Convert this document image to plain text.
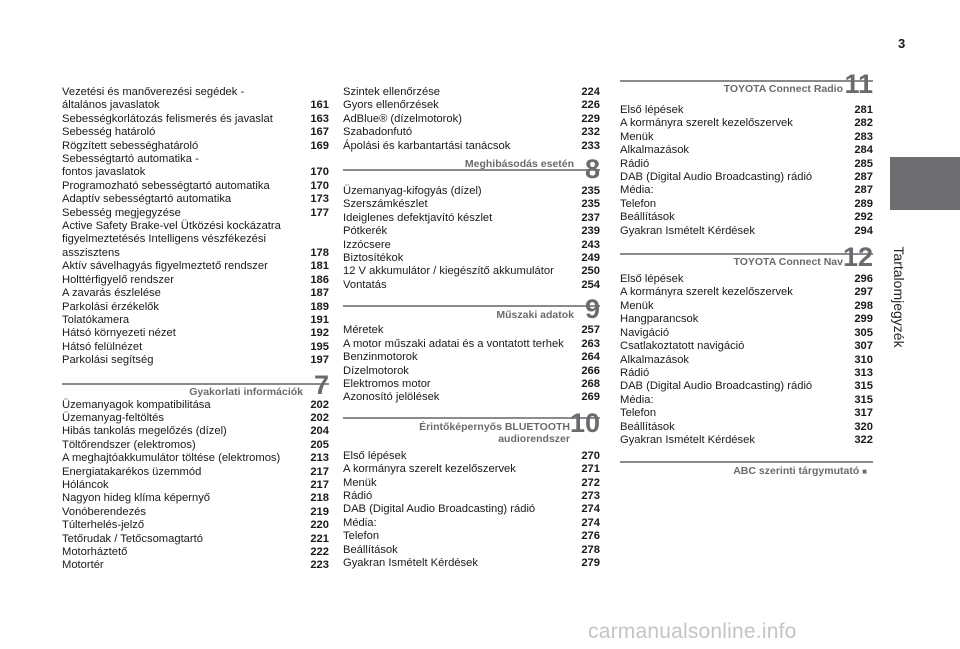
3
Tartalomjegyzék
Vezetési és manőverezési segédek -
általános javaslatok	161
Sebességkorlátozás felismerés és javaslat	163
Sebesség határoló	167
Rögzített sebességhatároló	169
Sebességtartó automatika -
fontos javaslatok	170
Programozható sebességtartó automatika	170
Adaptív sebességtartó automatika	173
Sebesség megjegyzése	177
Active Safety Brake-vel Ütközési kockázatra
figyelmeztetésés Intelligens vészfékezési
asszisztens	178
Aktív sávelhagyás figyelmeztető rendszer	181
Holttérfigyelő rendszer	186
A zavarás észlelése	187
Parkolási érzékelők	189
Tolatókamera	191
Hátsó környezeti nézet	192
Hátsó felülnézet	195
Parkolási segítség	197
Gyakorlati információk 7
Üzemanyagok kompatibilitása	202
Üzemanyag-feltöltés	202
Hibás tankolás megelőzés (dízel)	204
Töltőrendszer (elektromos)	205
A meghajtóakkumulátor töltése (elektromos)	213
Energiatakarékos üzemmód	217
Hóláncok	217
Nagyon hideg klíma képernyő	218
Vonóberendezés	219
Túlterhelés-jelző	220
Tetőrudak / Tetőcsomagtartó	221
Motorháztető	222
Motortér	223
Szintek ellenőrzése	224
Gyors ellenőrzések	226
AdBlue® (dízelmotorok)	229
Szabadonfutó	232
Ápolási és karbantartási tanácsok	233
Meghibásodás esetén 8
Üzemanyag-kifogyás (dízel)	235
Szerszámkészlet	235
Ideiglenes defektjavító készlet	237
Pótkerék	239
Izzócsere	243
Biztosítékok	249
12 V akkumulátor / kiegészítő akkumulátor	250
Vontatás	254
Műszaki adatok 9
Méretek	257
A motor műszaki adatai és a vontatott terhek	263
Benzinmotorok	264
Dízelmotorok	266
Elektromos motor	268
Azonosító jelölések	269
Érintőképernyős BLUETOOTH
audiorendszer
10
Első lépések	270
A kormányra szerelt kezelőszervek	271
Menük	272
Rádió	273
DAB (Digital Audio Broadcasting) rádió	274
Média:	274
Telefon	276
Beállítások	278
Gyakran Ismételt Kérdések	279
TOYOTA Connect Radio 11
Első lépések	281
A kormányra szerelt kezelőszervek	282
Menük	283
Alkalmazások	284
Rádió	285
DAB (Digital Audio Broadcasting) rádió	287
Média:	287
Telefon	289
Beállítások	292
Gyakran Ismételt Kérdések	294
TOYOTA Connect Nav 12
Első lépések	296
A kormányra szerelt kezelőszervek	297
Menük	298
Hangparancsok	299
Navigáció	305
Csatlakoztatott navigáció	307
Alkalmazások	310
Rádió	313
DAB (Digital Audio Broadcasting) rádió	315
Média:	315
Telefon	317
Beállítások	320
Gyakran Ismételt Kérdések	322
ABC szerinti tárgymutató ■
carmanualsonline.info
